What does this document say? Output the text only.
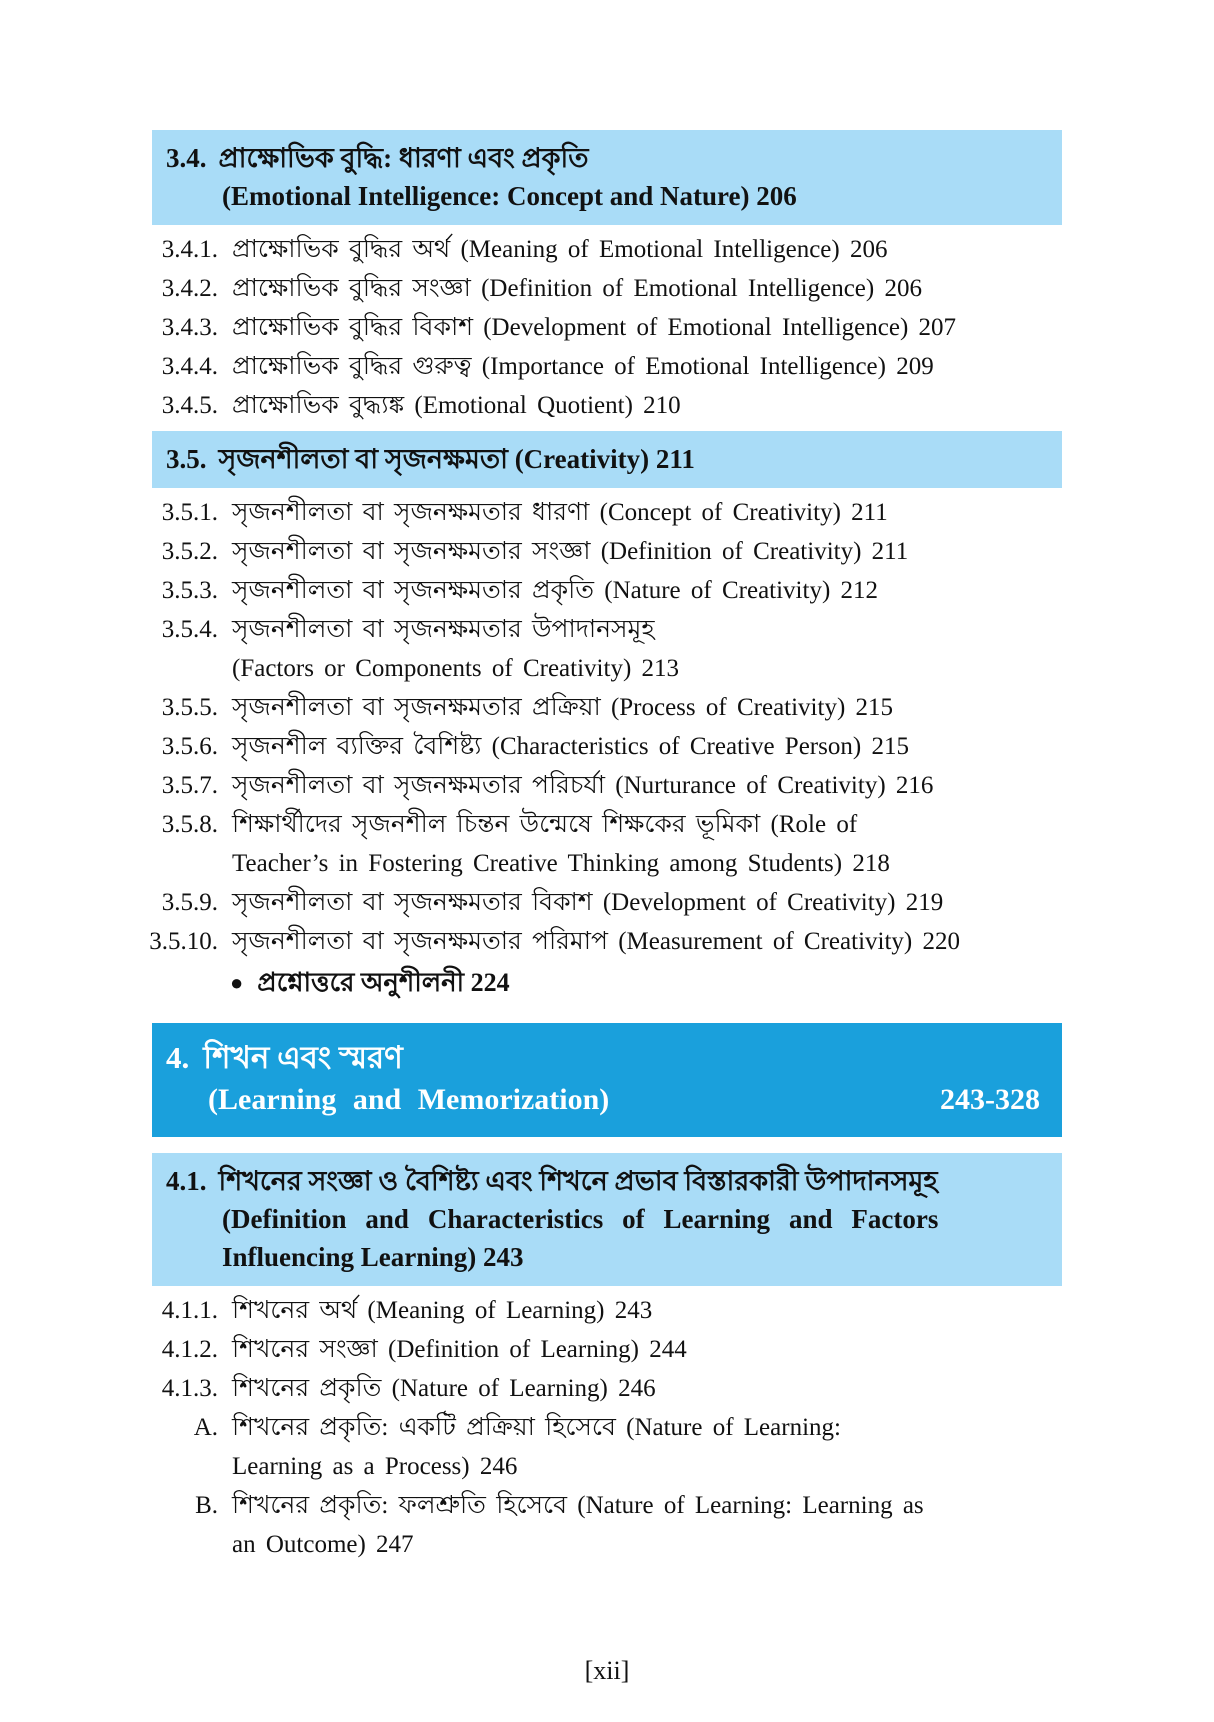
3.4. প্রাক্ষোভিক বুদ্ধি: ধারণা এবং প্রকৃতি
(Emotional Intelligence: Concept and Nature) 206
3.4.1. প্রাক্ষোভিক বুদ্ধির অর্থ (Meaning of Emotional Intelligence) 206
3.4.2. প্রাক্ষোভিক বুদ্ধির সংজ্ঞা (Definition of Emotional Intelligence) 206
3.4.3. প্রাক্ষোভিক বুদ্ধির বিকাশ (Development of Emotional Intelligence) 207
3.4.4. প্রাক্ষোভিক বুদ্ধির গুরুত্ব (Importance of Emotional Intelligence) 209
3.4.5. প্রাক্ষোভিক বুদ্ধ্যঙ্ক (Emotional Quotient) 210
3.5. সৃজনশীলতা বা সৃজনক্ষমতা (Creativity) 211
3.5.1. সৃজনশীলতা বা সৃজনক্ষমতার ধারণা (Concept of Creativity) 211
3.5.2. সৃজনশীলতা বা সৃজনক্ষমতার সংজ্ঞা (Definition of Creativity) 211
3.5.3. সৃজনশীলতা বা সৃজনক্ষমতার প্রকৃতি (Nature of Creativity) 212
3.5.4. সৃজনশীলতা বা সৃজনক্ষমতার উপাদানসমূহ
(Factors or Components of Creativity) 213
3.5.5. সৃজনশীলতা বা সৃজনক্ষমতার প্রক্রিয়া (Process of Creativity) 215
3.5.6. সৃজনশীল ব্যক্তির বৈশিষ্ট্য (Characteristics of Creative Person) 215
3.5.7. সৃজনশীলতা বা সৃজনক্ষমতার পরিচর্যা (Nurturance of Creativity) 216
3.5.8. শিক্ষার্থীদের সৃজনশীল চিন্তন উন্মেষে শিক্ষকের ভূমিকা (Role of
Teacher’s in Fostering Creative Thinking among Students) 218
3.5.9. সৃজনশীলতা বা সৃজনক্ষমতার বিকাশ (Development of Creativity) 219
3.5.10. সৃজনশীলতা বা সৃজনক্ষমতার পরিমাপ (Measurement of Creativity) 220
● প্রশ্নোত্তরে অনুশীলনী 224
4. শিখন এবং স্মরণ
(Learning and Memorization)	243-328
4.1. শিখনের সংজ্ঞা ও বৈশিষ্ট্য এবং শিখনে প্রভাব বিস্তারকারী উপাদানসমূহ
(Definition and Characteristics of Learning and Factors
Influencing Learning) 243
4.1.1. শিখনের অর্থ (Meaning of Learning) 243
4.1.2. শিখনের সংজ্ঞা (Definition of Learning) 244
4.1.3. শিখনের প্রকৃতি (Nature of Learning) 246
A. শিখনের প্রকৃতি: একটি প্রক্রিয়া হিসেবে (Nature of Learning:
Learning as a Process) 246
B. শিখনের প্রকৃতি: ফলশ্রুতি হিসেবে (Nature of Learning: Learning as
an Outcome) 247
[xii]
